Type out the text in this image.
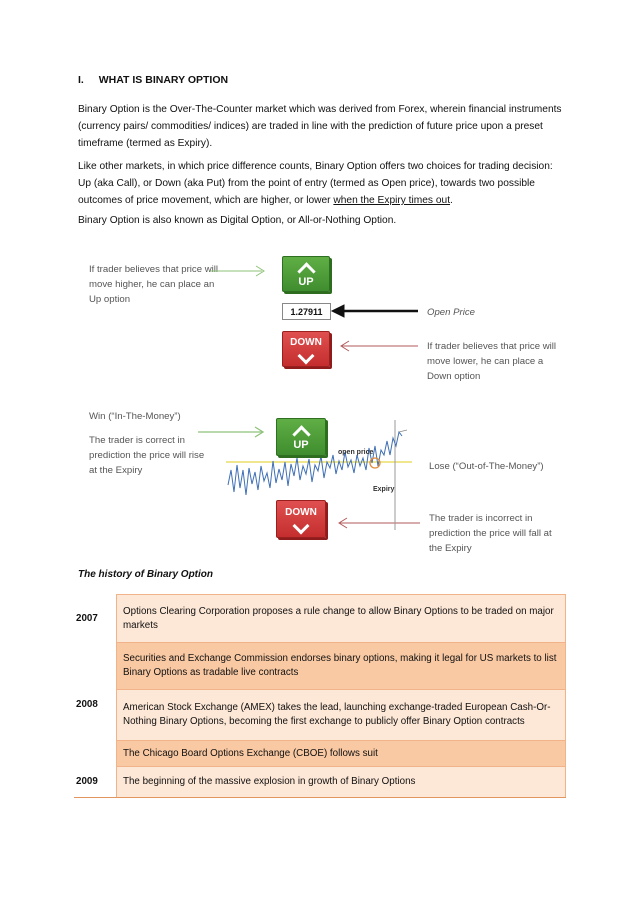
I. WHAT IS BINARY OPTION
Binary Option is the Over-The-Counter market which was derived from Forex, wherein financial instruments (currency pairs/ commodities/ indices) are traded in line with the prediction of future price upon a preset timeframe (termed as Expiry).
Like other markets, in which price difference counts, Binary Option offers two choices for trading decision: Up (aka Call), or Down (aka Put) from the point of entry (termed as Open price), towards two possible outcomes of price movement, which are higher, or lower when the Expiry times out.
Binary Option is also known as Digital Option, or All-or-Nothing Option.
If trader believes that price will move higher, he can place an Up option
UP
1.27911	Open Price
DOWN	If trader believes that price will move lower, he can place a Down option
Win (“In-The-Money”)
The trader is correct in prediction the price will rise at the Expiry
UP
open price
Expiry
DOWN
Lose (“Out-of-The-Money”)
The trader is incorrect in prediction the price will fall at the Expiry
The history of Binary Option
2007	Options Clearing Corporation proposes a rule change to allow Binary Options to be traded on major markets
2008	Securities and Exchange Commission endorses binary options, making it legal for US markets to list Binary Options as tradable live contracts
	American Stock Exchange (AMEX) takes the lead, launching exchange-traded European Cash-Or-Nothing Binary Options, becoming the first exchange to publicly offer Binary Option contracts
	The Chicago Board Options Exchange (CBOE) follows suit
2009	The beginning of the massive explosion in growth of Binary Options
